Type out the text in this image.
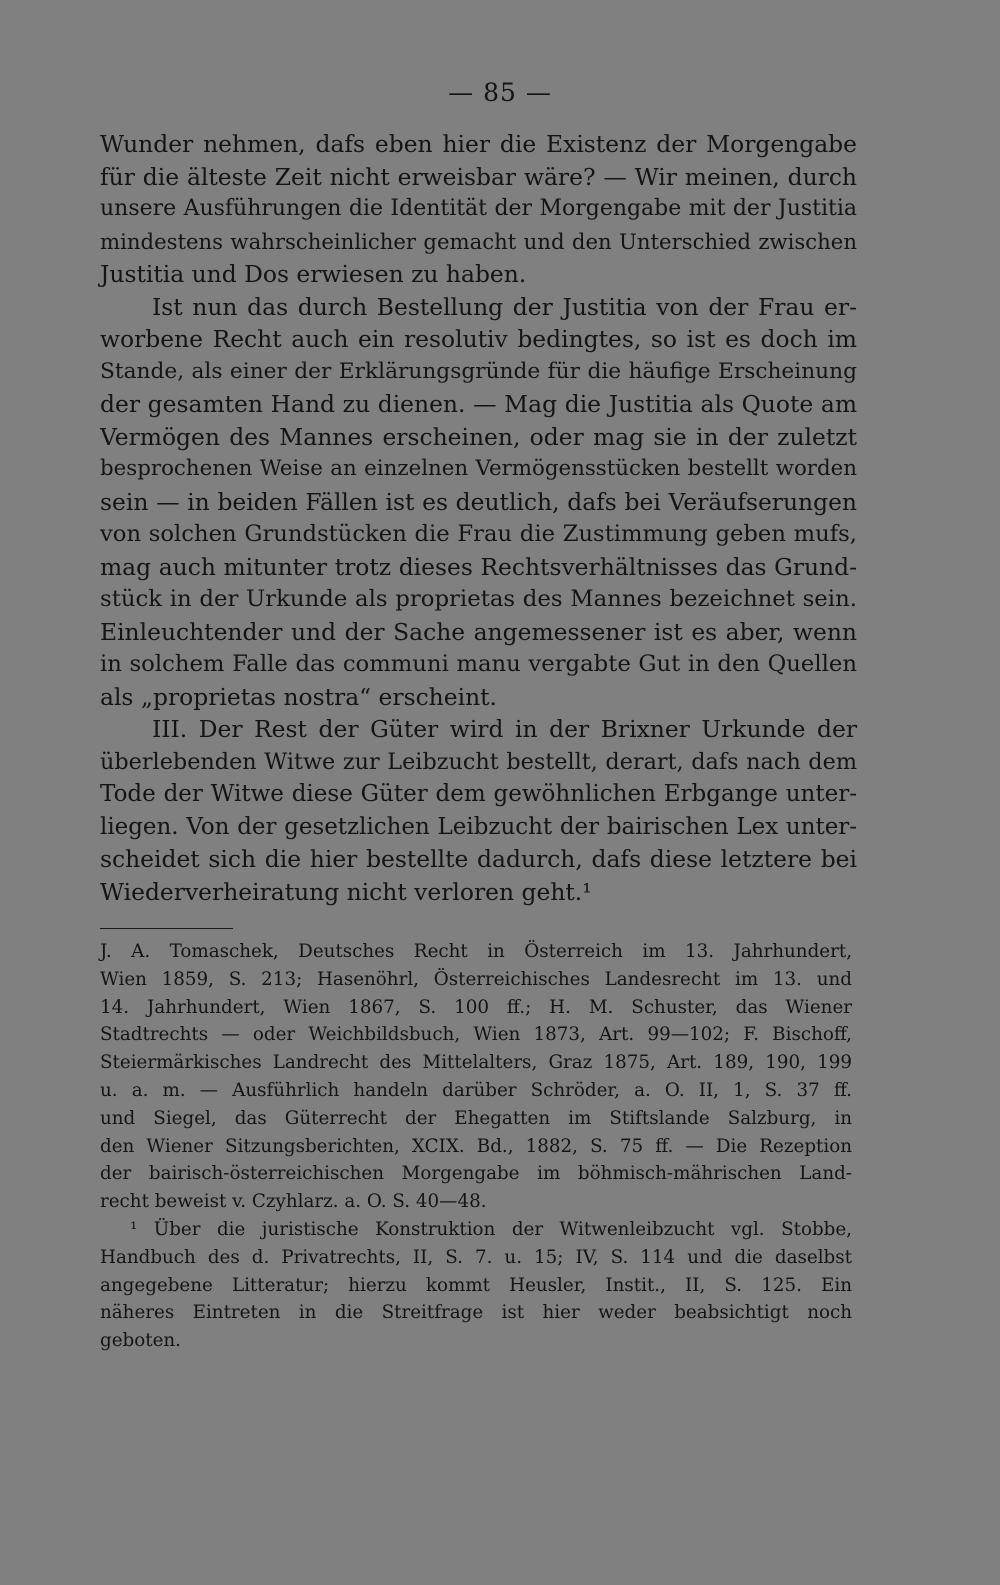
— 85 —
Wunder nehmen, dafs eben hier die Existenz der Morgengabe
für die älteste Zeit nicht erweisbar wäre? — Wir meinen, durch
unsere Ausführungen die Identität der Morgengabe mit der Justitia
mindestens wahrscheinlicher gemacht und den Unterschied zwischen
Justitia und Dos erwiesen zu haben.
Ist nun das durch Bestellung der Justitia von der Frau er-
worbene Recht auch ein resolutiv bedingtes, so ist es doch im
Stande, als einer der Erklärungsgründe für die häufige Erscheinung
der gesamten Hand zu dienen. — Mag die Justitia als Quote am
Vermögen des Mannes erscheinen, oder mag sie in der zuletzt
besprochenen Weise an einzelnen Vermögensstücken bestellt worden
sein — in beiden Fällen ist es deutlich, dafs bei Veräufserungen
von solchen Grundstücken die Frau die Zustimmung geben mufs,
mag auch mitunter trotz dieses Rechtsverhältnisses das Grund-
stück in der Urkunde als proprietas des Mannes bezeichnet sein.
Einleuchtender und der Sache angemessener ist es aber, wenn
in solchem Falle das communi manu vergabte Gut in den Quellen
als „proprietas nostra“ erscheint.
III. Der Rest der Güter wird in der Brixner Urkunde der
überlebenden Witwe zur Leibzucht bestellt, derart, dafs nach dem
Tode der Witwe diese Güter dem gewöhnlichen Erbgange unter-
liegen. Von der gesetzlichen Leibzucht der bairischen Lex unter-
scheidet sich die hier bestellte dadurch, dafs diese letztere bei
Wiederverheiratung nicht verloren geht.¹
J. A. Tomaschek, Deutsches Recht in Österreich im 13. Jahrhundert,
Wien 1859, S. 213; Hasenöhrl, Österreichisches Landesrecht im 13. und
14. Jahrhundert, Wien 1867, S. 100 ff.; H. M. Schuster, das Wiener
Stadtrechts — oder Weichbildsbuch, Wien 1873, Art. 99—102; F. Bischoff,
Steiermärkisches Landrecht des Mittelalters, Graz 1875, Art. 189, 190, 199
u. a. m. — Ausführlich handeln darüber Schröder, a. O. II, 1, S. 37 ff.
und Siegel, das Güterrecht der Ehegatten im Stiftslande Salzburg, in
den Wiener Sitzungsberichten, XCIX. Bd., 1882, S. 75 ff. — Die Rezeption
der bairisch-österreichischen Morgengabe im böhmisch-mährischen Land-
recht beweist v. Czyhlarz. a. O. S. 40—48.
¹ Über die juristische Konstruktion der Witwenleibzucht vgl. Stobbe,
Handbuch des d. Privatrechts, II, S. 7. u. 15; IV, S. 114 und die daselbst
angegebene Litteratur; hierzu kommt Heusler, Instit., II, S. 125. Ein
näheres Eintreten in die Streitfrage ist hier weder beabsichtigt noch
geboten.
